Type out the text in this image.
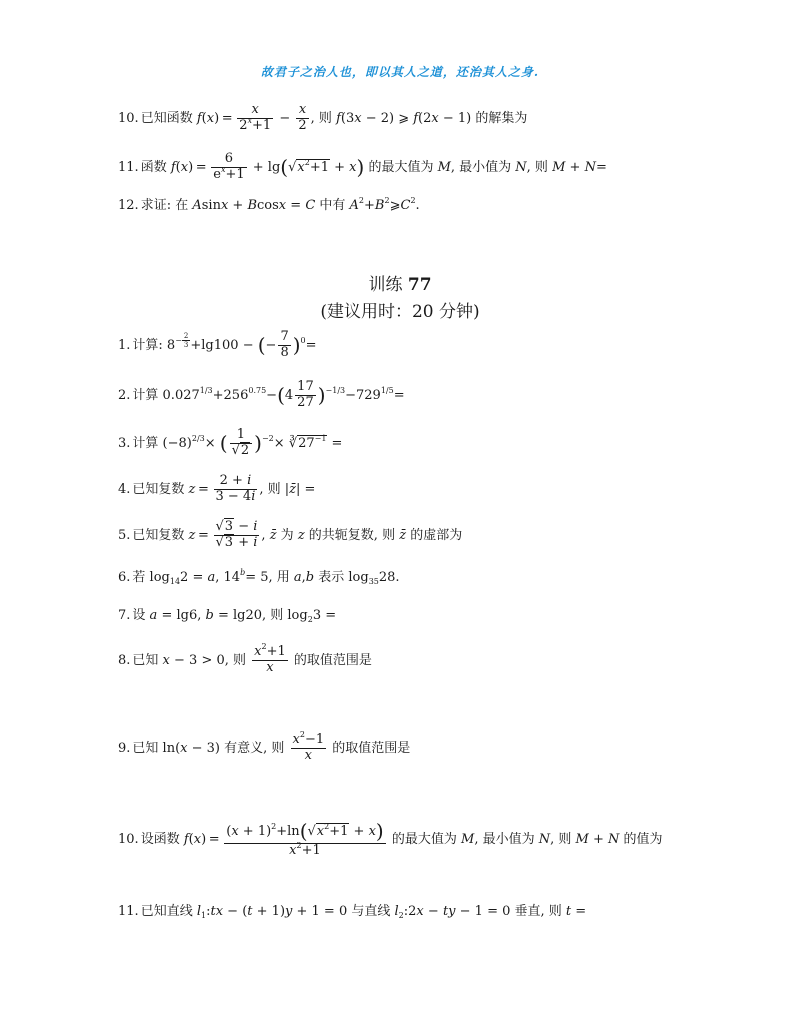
故君子之治人也，即以其人之道，还治其人之身.
10. 已知函数 $f(x) = \frac{x}{2^x+1} - \frac{x}{2}$ , 则 f(3x − 2) ⩾ f(2x − 1) 的解集为
11. 函数 $f(x) = \frac{6}{e^x+1} + \lg(√x^2+1 + x)$ 的最大值为 M, 最小值为 N, 则 M + N=
12. 求证: 在 Asinx + Bcosx = C 中有 $A^2+B^2⩾C^2$.
训练 77
(建议用时：20 分钟)
1. 计算: $8^{- \frac{2}{3}} +\lg 100$ − (− $\frac{7}{8} )^0=$
2. 计算 $0.027^{1/3}+256^{0.75}-(4 \frac{17}{27} )^{-1/3}-729^{1/5}=$
3. 计算 $(-8)^{2/3}\times$ ( $\frac{1}{√2} )^{-2}\times$ $∛27^{-1}$ =
4. 已知复数 $z = \frac{2 + i}{3 - 4i}$ , 则 |z̄| =
5. 已知复数 $z = \frac{√3 - i}{√3 + i}$ , z̄ 为 z 的共轭复数, 则 z̄ 的虚部为
6. 若 $\log_{14}2 = a$, $14^b= 5$, 用 a,b 表示 $\log_{35}28$.
7. 设 a = lg6, b = lg20, 则 $\log_23$ =
8. 已知 x − 3 > 0, 则 $\frac{x^2+1}{x}$ 的取值范围是
9. 已知 ln(x − 3) 有意义, 则 $\frac{x^2-1}{x}$ 的取值范围是
10. 设函数 $f(x) = \frac{(x + 1)^2+\ln(√x^2+1 + x)}{x^2+1}$ 的最大值为 M, 最小值为 N, 则 M + N 的值为
11. 已知直线 $l_1:tx - (t + 1)y + 1 = 0$ 与直线 $l_2:2x$ − ty − 1 = 0 垂直, 则 t =
